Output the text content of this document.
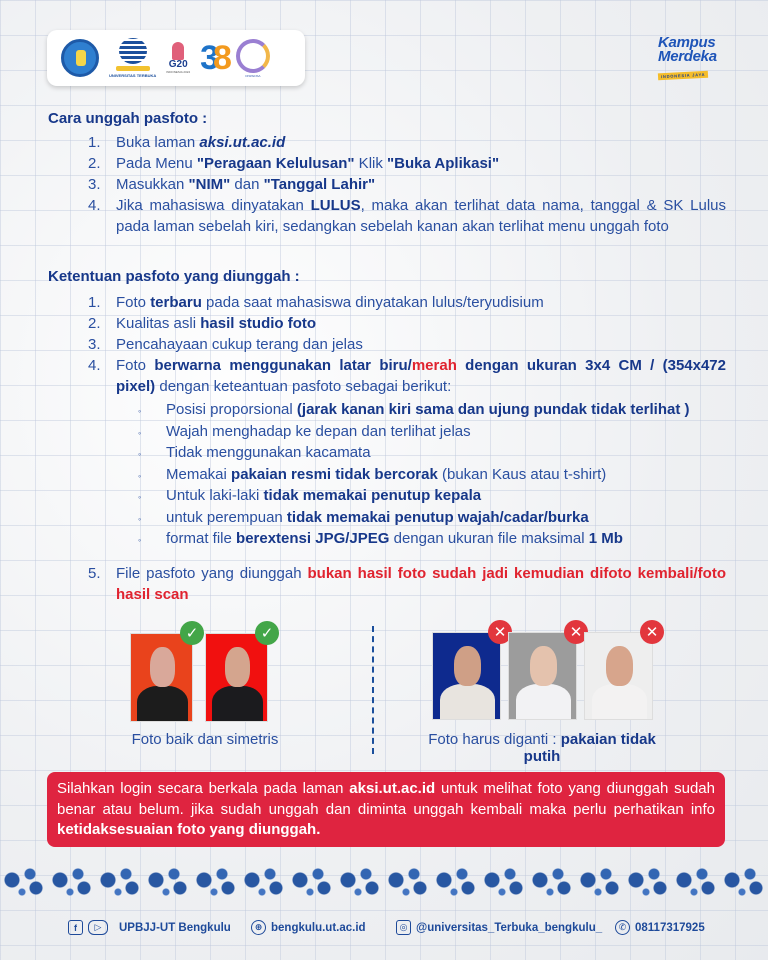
UNIVERSITAS TERBUKA
G20
INDONESIA 2022 38	DISPENSA
Kampus
Merdeka
INDONESIA JAYA
Cara unggah pasfoto :
1.	Buka laman aksi.ut.ac.id
2.	Pada Menu "Peragaan Kelulusan" Klik "Buka Aplikasi"
3.	Masukkan "NIM" dan "Tanggal Lahir"
4.	Jika mahasiswa dinyatakan LULUS, maka akan terlihat data nama, tanggal & SK Lulus pada laman sebelah kiri, sedangkan sebelah kanan akan terlihat menu unggah foto
Ketentuan pasfoto yang diunggah :
1.	Foto terbaru pada saat mahasiswa dinyatakan lulus/teryudisium
2.	Kualitas asli hasil studio foto
3.	Pencahayaan cukup terang dan jelas
4.	Foto berwarna menggunakan latar biru/merah dengan ukuran 3x4 CM / (354x472 pixel) dengan keteantuan pasfoto sebagai berikut:
◦	Posisi proporsional (jarak kanan kiri sama dan ujung pundak tidak terlihat )
◦	Wajah menghadap ke depan dan terlihat jelas
◦	Tidak menggunakan kacamata
◦	Memakai pakaian resmi tidak bercorak (bukan Kaus atau t-shirt)
◦	Untuk laki-laki tidak memakai penutup kepala
◦	untuk perempuan tidak memakai penutup wajah/cadar/burka
◦	format file berextensi JPG/JPEG dengan ukuran file maksimal 1 Mb
5.	File pasfoto yang diunggah bukan hasil foto sudah jadi kemudian difoto kembali/foto hasil scan
✓	✓
Foto baik dan simetris
✕	✕	✕
Foto harus diganti : pakaian tidak putih
Silahkan login secara berkala pada laman aksi.ut.ac.id untuk melihat foto yang diunggah sudah benar atau belum. jika sudah unggah dan diminta unggah kembali maka perlu perhatikan info ketidaksesuaian foto yang diunggah.
f	▷	UPBJJ-UT Bengkulu	⊕ bengkulu.ut.ac.id	◎ @universitas_Terbuka_bengkulu_	✆ 08117317925
